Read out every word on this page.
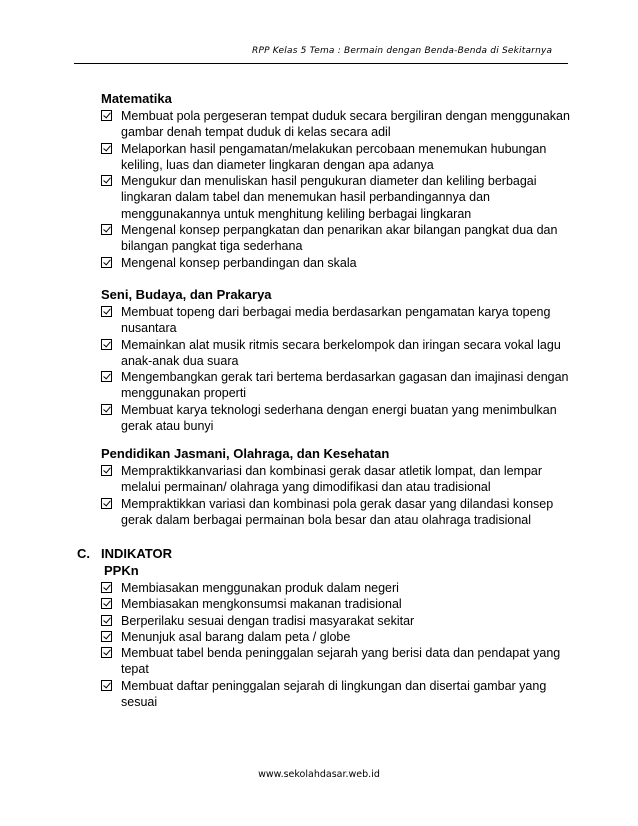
RPP Kelas 5 Tema : Bermain dengan Benda-Benda di Sekitarnya
Matematika
Membuat pola pergeseran tempat duduk secara bergiliran dengan menggunakan gambar denah tempat duduk di kelas secara adil
Melaporkan hasil pengamatan/melakukan percobaan menemukan hubungan keliling, luas dan diameter lingkaran dengan apa adanya
Mengukur dan menuliskan hasil pengukuran diameter dan keliling berbagai lingkaran dalam tabel dan menemukan hasil perbandingannya dan menggunakannya untuk menghitung keliling berbagai lingkaran
Mengenal konsep perpangkatan dan penarikan akar bilangan pangkat dua dan bilangan pangkat tiga sederhana
Mengenal konsep perbandingan dan skala
Seni, Budaya, dan Prakarya
Membuat topeng dari berbagai media berdasarkan pengamatan karya topeng nusantara
Memainkan alat musik ritmis secara berkelompok dan iringan secara vokal lagu anak-anak dua suara
Mengembangkan gerak tari bertema berdasarkan gagasan dan imajinasi dengan menggunakan properti
Membuat karya teknologi sederhana dengan energi buatan yang menimbulkan gerak atau bunyi
Pendidikan Jasmani, Olahraga, dan Kesehatan
Mempraktikkanvariasi dan kombinasi gerak dasar atletik lompat, dan lempar melalui permainan/ olahraga yang dimodifikasi dan atau tradisional
Mempraktikkan variasi dan kombinasi pola gerak dasar yang dilandasi konsep gerak dalam berbagai permainan bola besar dan atau olahraga tradisional
C. INDIKATOR
PPKn
Membiasakan menggunakan produk dalam negeri
Membiasakan mengkonsumsi makanan tradisional
Berperilaku sesuai dengan tradisi masyarakat sekitar
Menunjuk asal barang dalam peta / globe
Membuat tabel benda peninggalan sejarah yang berisi data dan pendapat yang tepat
Membuat daftar peninggalan sejarah di lingkungan dan disertai gambar yang sesuai
www.sekolahdasar.web.id
